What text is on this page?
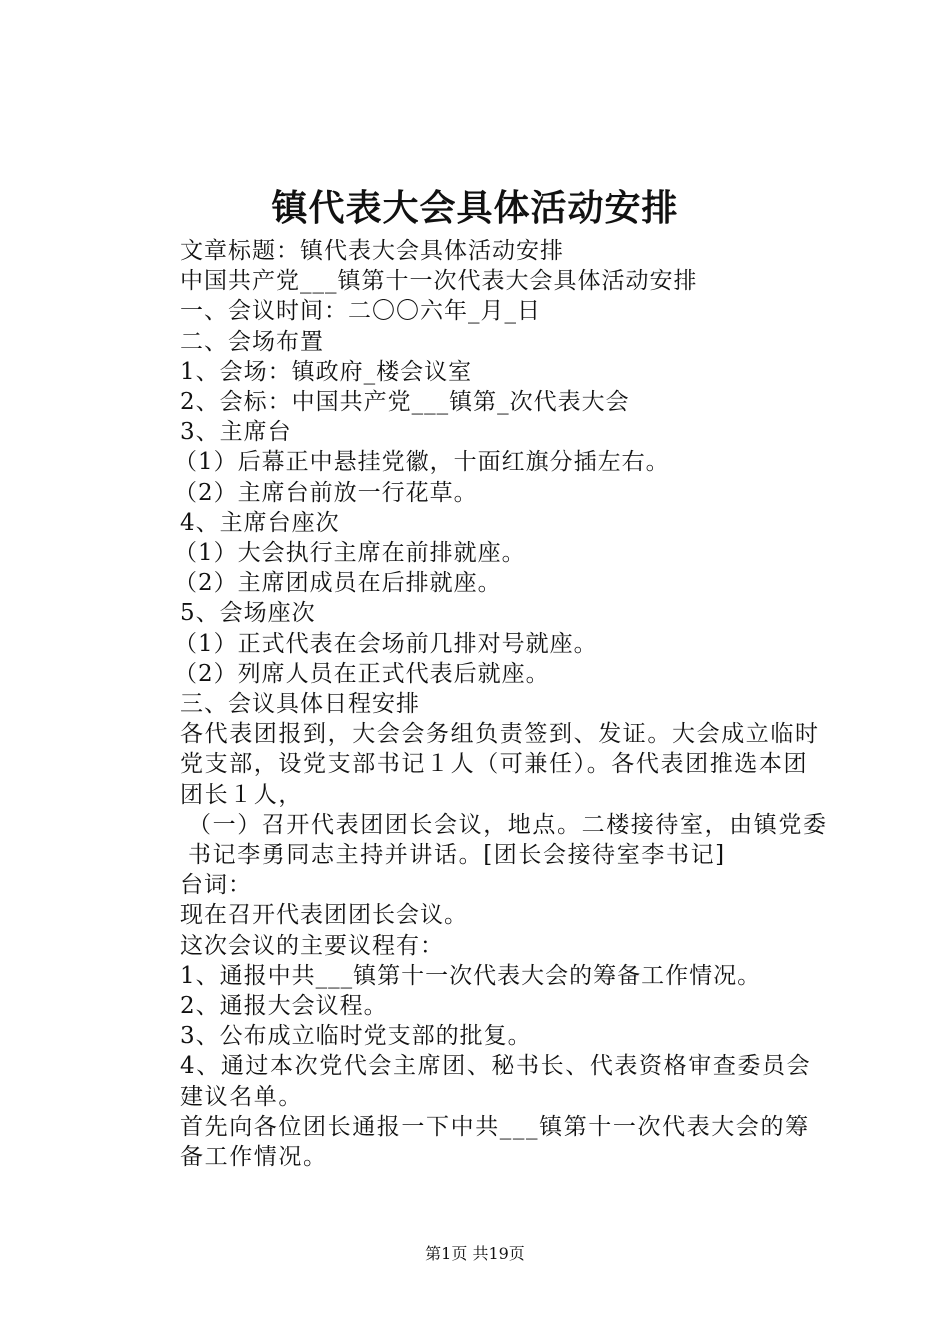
镇代表大会具体活动安排
文章标题：镇代表大会具体活动安排
中国共产党___镇第十一次代表大会具体活动安排
一、会议时间：二〇〇六年_月_日
二、会场布置
1、会场：镇政府_楼会议室
2、会标：中国共产党___镇第_次代表大会
3、主席台
（1）后幕正中悬挂党徽，十面红旗分插左右。
（2）主席台前放一行花草。
4、主席台座次
（1）大会执行主席在前排就座。
（2）主席团成员在后排就座。
5、会场座次
（1）正式代表在会场前几排对号就座。
（2）列席人员在正式代表后就座。
三、会议具体日程安排
各代表团报到，大会会务组负责签到、发证。大会成立临时党支部，设党支部书记１人（可兼任）。各代表团推选本团团长１人，
（一）召开代表团团长会议，地点。二楼接待室，由镇党委书记李勇同志主持并讲话。[团长会接待室李书记]
台词：
现在召开代表团团长会议。
这次会议的主要议程有：
1、通报中共___镇第十一次代表大会的筹备工作情况。
2、通报大会议程。
3、公布成立临时党支部的批复。
4、通过本次党代会主席团、秘书长、代表资格审查委员会建议名单。
首先向各位团长通报一下中共___镇第十一次代表大会的筹备工作情况。
第1页 共19页
